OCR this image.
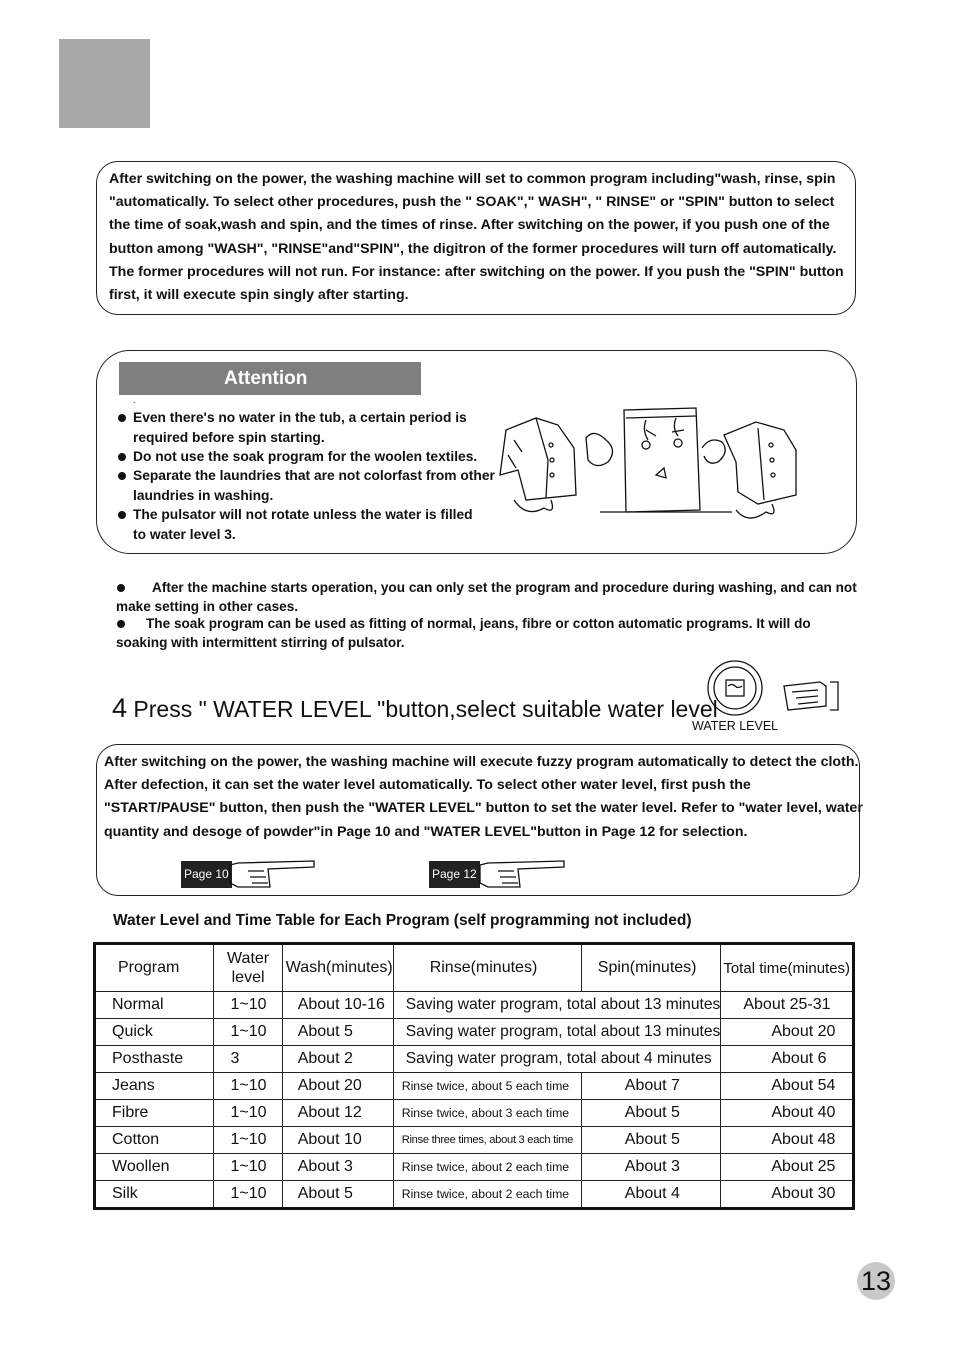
After switching on the power, the washing machine will set to common program including"wash, rinse, spin "automatically. To select other procedures, push the " SOAK"," WASH", " RINSE" or "SPIN" button to select the time of soak,wash and spin, and the times of rinse. After switching on the power, if you push one of the button among "WASH", "RINSE"and"SPIN", the digitron of the former procedures will turn off automatically. The former procedures will not run. For instance: after switching on the power. If you push the "SPIN" button first, it will execute spin singly after starting.

Attention
.
Even there's no water in the tub, a certain period is required before spin starting.
Do not use the soak program for the woolen textiles.
Separate the laundries that are not colorfast from other laundries in washing.
The pulsator will not rotate unless the water is filled to water level 3.
After the machine starts operation, you can only set the program and procedure during washing, and can not make setting in other cases.
The soak program can be used as fitting of normal, jeans, fibre or cotton automatic programs. It will do soaking with intermittent stirring of pulsator.
4 Press " WATER LEVEL "button,select suitable water level
WATER LEVEL

After switching on the power, the washing machine will execute fuzzy program automatically to detect the cloth. After defection, it can set the water level automatically. To select other water level, first push the "START/PAUSE" button, then push the "WATER LEVEL" button to set the water level. Refer to "water level, water quantity and desoge of powder"in Page 10 and "WATER LEVEL"button in Page 12 for selection.

Page 10	Page 12
Water Level and Time Table for Each Program (self programming not included)
Program	Water level	Wash(minutes)	Rinse(minutes)	Spin(minutes)	Total time(minutes)
Normal	1~10	About 10-16	Saving water program, total about 13 minutes		About 25-31
Quick	1~10	About 5	Saving water program, total about 13 minutes		About 20
Posthaste	3	About 2	Saving water program, total about 4 minutes		About 6
Jeans	1~10	About 20	Rinse twice, about 5 each time	About 7	About 54
Fibre	1~10	About 12	Rinse twice, about 3 each time	About 5	About 40
Cotton	1~10	About 10	Rinse three times, about 3 each time	About 5	About 48
Woollen	1~10	About 3	Rinse twice, about 2 each time	About 3	About 25
Silk	1~10	About 5	Rinse twice, about 2 each time	About 4	About 30
13
